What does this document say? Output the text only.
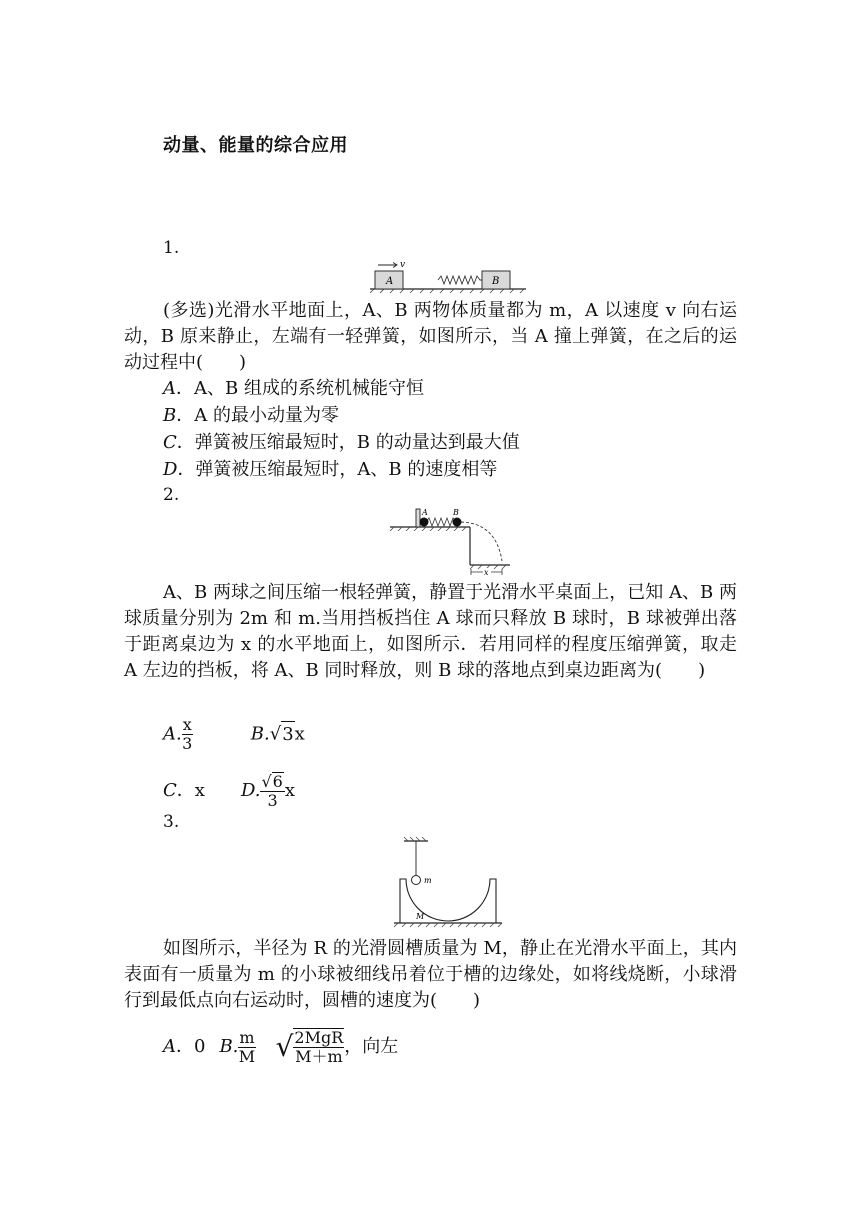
动量、能量的综合应用
1.
v
A	B
(多选)光滑水平地面上，A、B 两物体质量都为 m，A 以速度 v 向右运动，B 原来静止，左端有一轻弹簧，如图所示，当 A 撞上弹簧，在之后的运动过程中(　　)
A．A、B 组成的系统机械能守恒
B．A 的最小动量为零
C．弹簧被压缩最短时，B 的动量达到最大值
D．弹簧被压缩最短时，A、B 的速度相等
2.
x
A	B
A、B 两球之间压缩一根轻弹簧，静置于光滑水平桌面上，已知 A、B 两球质量分别为 2m 和 m.当用挡板挡住 A 球而只释放 B 球时，B 球被弹出落于距离桌边为 x 的水平地面上，如图所示．若用同样的程度压缩弹簧，取走 A 左边的挡板，将 A、B 同时释放，则 B 球的落地点到桌边距离为(　　)
A. $\frac{x}{3}$	B.√3x
C．x D. $\frac{√6}{3}$ x
3.
m
M
如图所示，半径为 R 的光滑圆槽质量为 M，静止在光滑水平面上，其内表面有一质量为 m 的小球被细线吊着位于槽的边缘处，如将线烧断，小球滑行到最低点向右运动时，圆槽的速度为(　　)
A．0 B. $\frac{m}{M}$ √ $\frac{\text{2MgR}}{M+m}$ ，向左
